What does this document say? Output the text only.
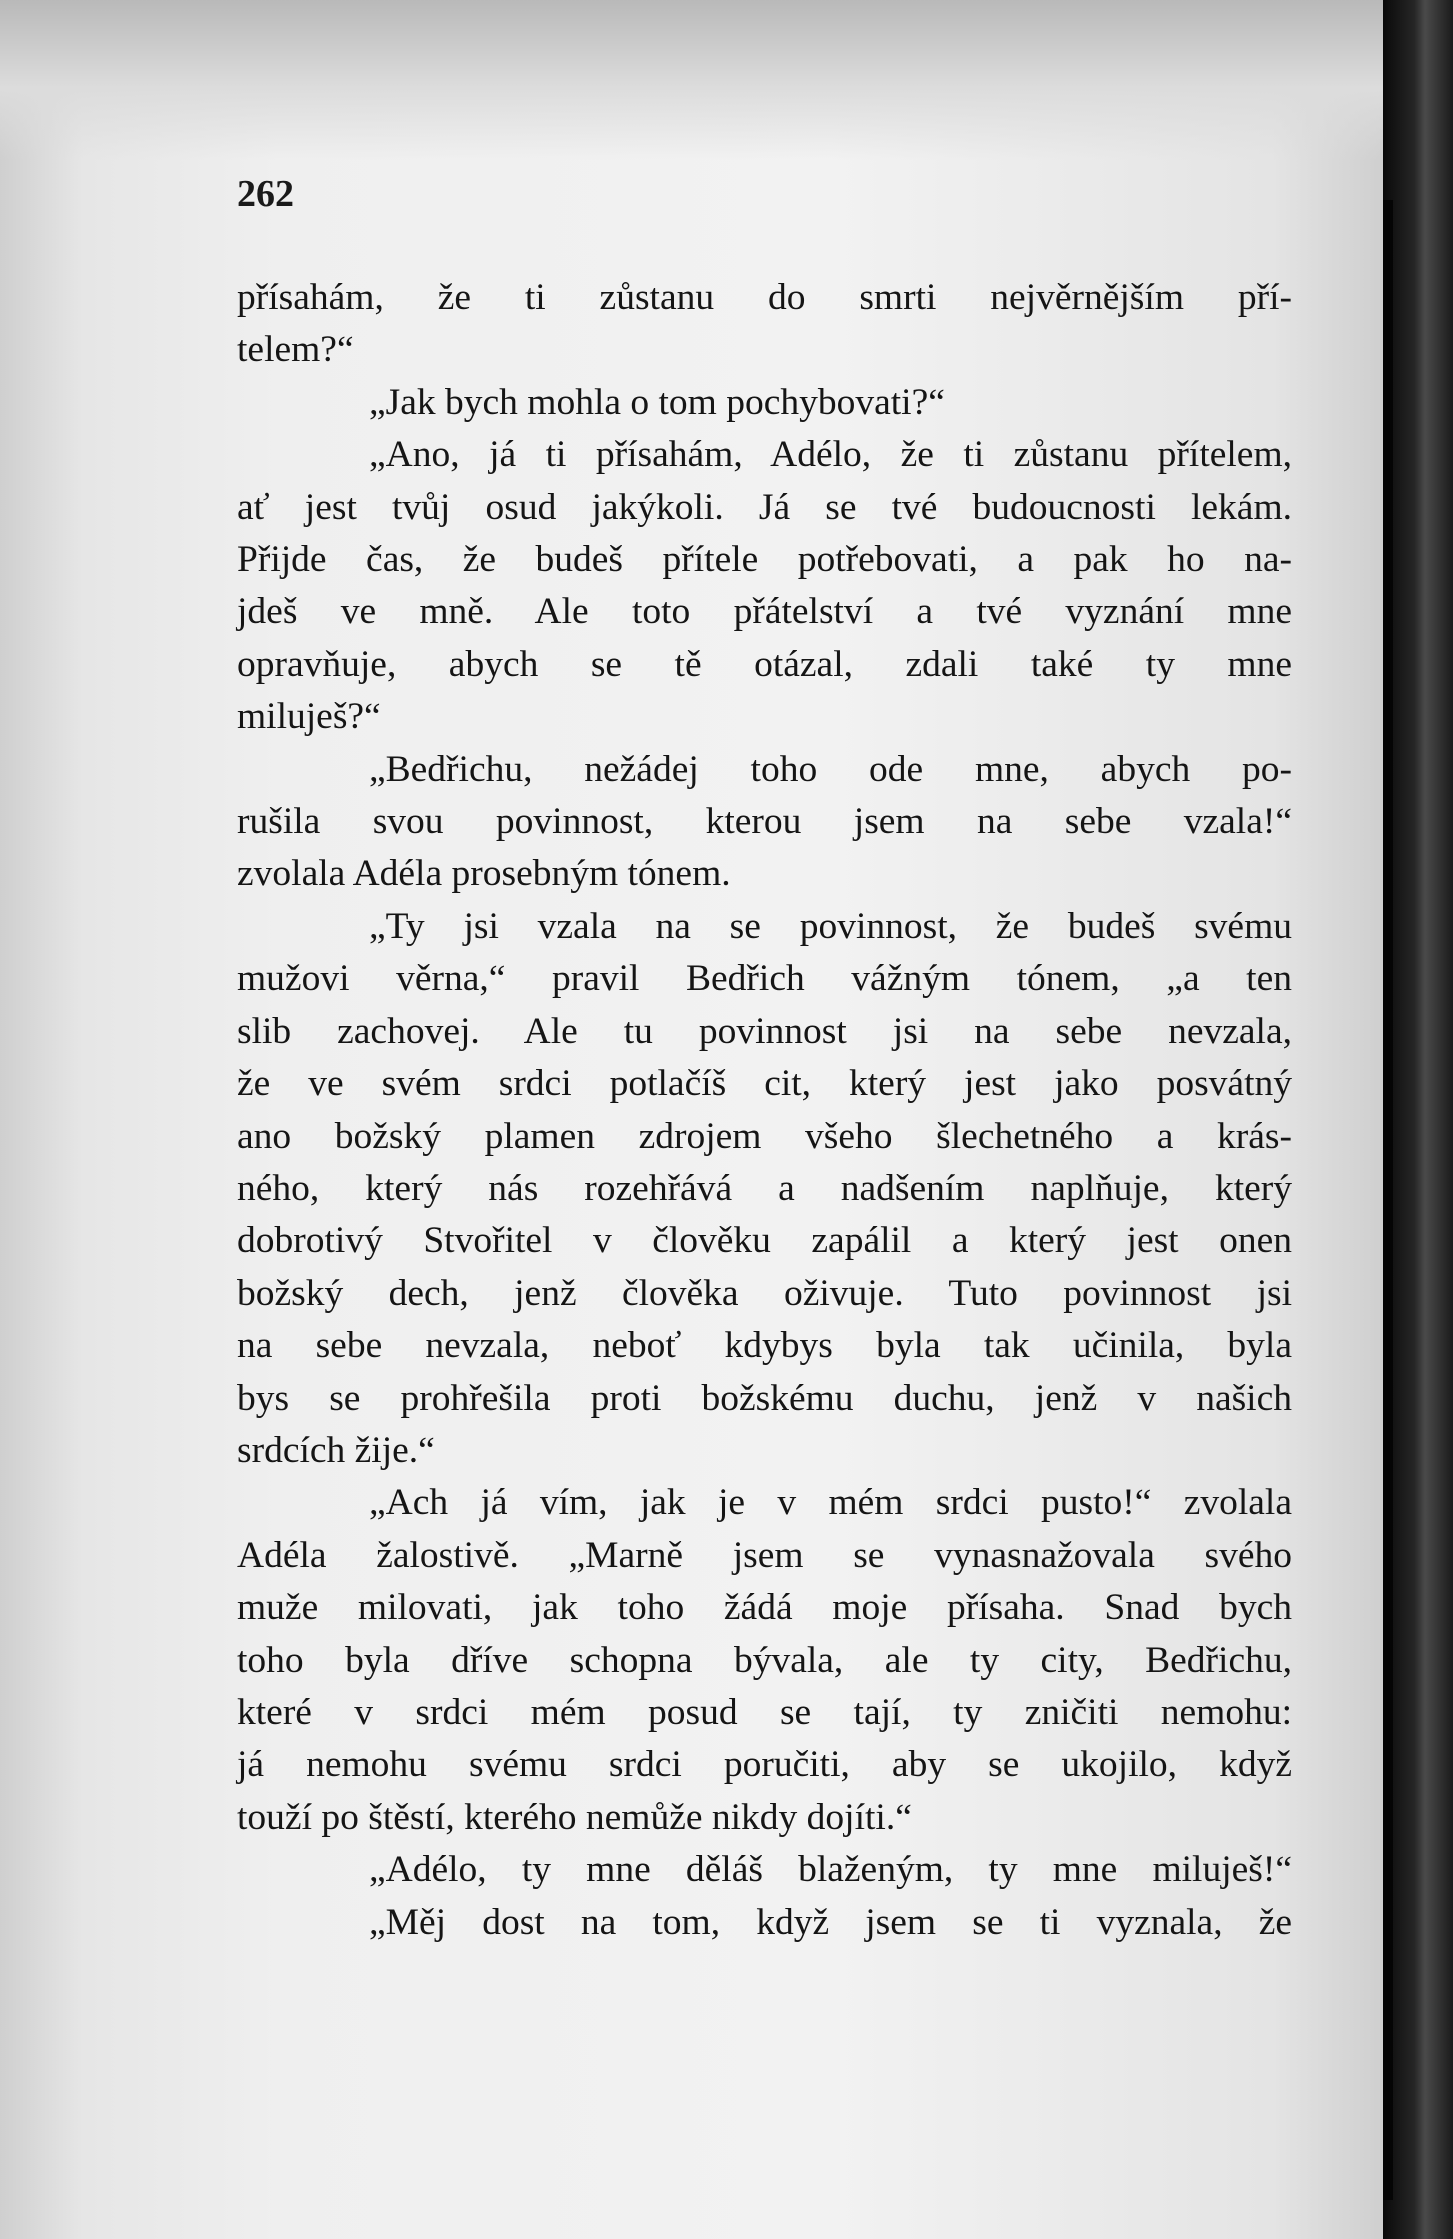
262
přísahám, že ti zůstanu do smrti nejvěrnějším pří-
telem?“
„Jak bych mohla o tom pochybovati?“
„Ano, já ti přísahám, Adélo, že ti zůstanu přítelem,
ať jest tvůj osud jakýkoli. Já se tvé budoucnosti lekám.
Přijde čas, že budeš přítele potřebovati, a pak ho na-
jdeš ve mně. Ale toto přátelství a tvé vyznání mne
opravňuje, abych se tě otázal, zdali také ty mne
miluješ?“
„Bedřichu, nežádej toho ode mne, abych po-
rušila svou povinnost, kterou jsem na sebe vzala!“
zvolala Adéla prosebným tónem.
„Ty jsi vzala na se povinnost, že budeš svému
mužovi věrna,“ pravil Bedřich vážným tónem, „a ten
slib zachovej. Ale tu povinnost jsi na sebe nevzala,
že ve svém srdci potlačíš cit, který jest jako posvátný
ano božský plamen zdrojem všeho šlechetného a krás-
ného, který nás rozehřává a nadšením naplňuje, který
dobrotivý Stvořitel v člověku zapálil a který jest onen
božský dech, jenž člověka oživuje. Tuto povinnost jsi
na sebe nevzala, neboť kdybys byla tak učinila, byla
bys se prohřešila proti božskému duchu, jenž v našich
srdcích žije.“
„Ach já vím, jak je v mém srdci pusto!“ zvolala
Adéla žalostivě. „Marně jsem se vynasnažovala svého
muže milovati, jak toho žádá moje přísaha. Snad bych
toho byla dříve schopna bývala, ale ty city, Bedřichu,
které v srdci mém posud se tají, ty zničiti nemohu:
já nemohu svému srdci poručiti, aby se ukojilo, když
touží po štěstí, kterého nemůže nikdy dojíti.“
„Adélo, ty mne děláš blaženým, ty mne miluješ!“
„Měj dost na tom, když jsem se ti vyznala, že
